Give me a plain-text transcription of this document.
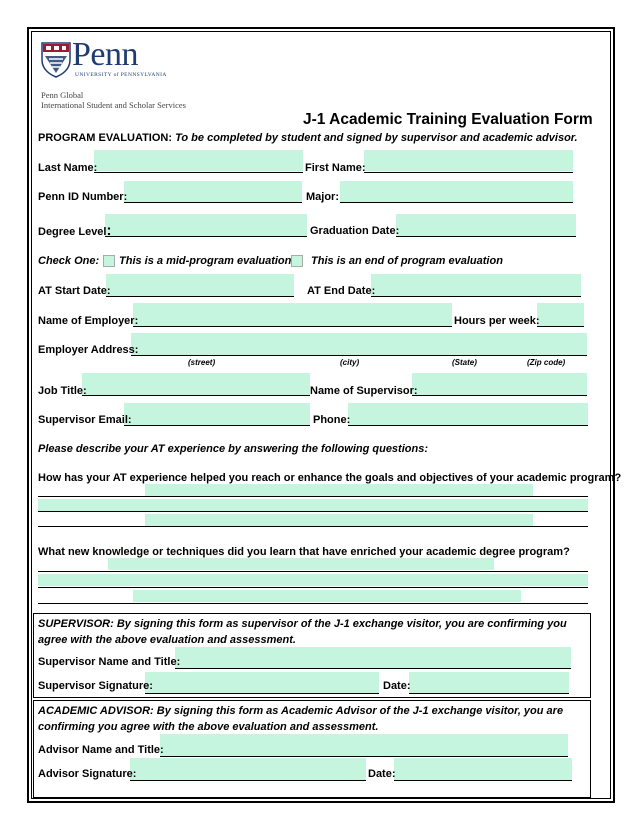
Penn
UNIVERSITY of PENNSYLVANIA
Penn Global
International Student and Scholar Services
J-1 Academic Training Evaluation Form
PROGRAM EVALUATION: To be completed by student and signed by supervisor and academic advisor.
Last Name:	First Name:
Penn ID Number:	Major:
Degree Level:	Graduation Date:
Check One: This is a mid-program evaluation This is an end of program evaluation
AT Start Date:	AT End Date:
Name of Employer:	Hours per week:
Employer Address:
(street)	(city)	(State)	(Zip code)
Job Title:	Name of Supervisor:
Supervisor Email:	Phone:
Please describe your AT experience by answering the following questions:
How has your AT experience helped you reach or enhance the goals and objectives of your academic program?
What new knowledge or techniques did you learn that have enriched your academic degree program?
SUPERVISOR: By signing this form as supervisor of the J-1 exchange visitor, you are confirming you agree with the above evaluation and assessment.
Supervisor Name and Title:
Supervisor Signature:	Date:
ACADEMIC ADVISOR: By signing this form as Academic Advisor of the J-1 exchange visitor, you are confirming you agree with the above evaluation and assessment.
Advisor Name and Title:
Advisor Signature:	Date:
